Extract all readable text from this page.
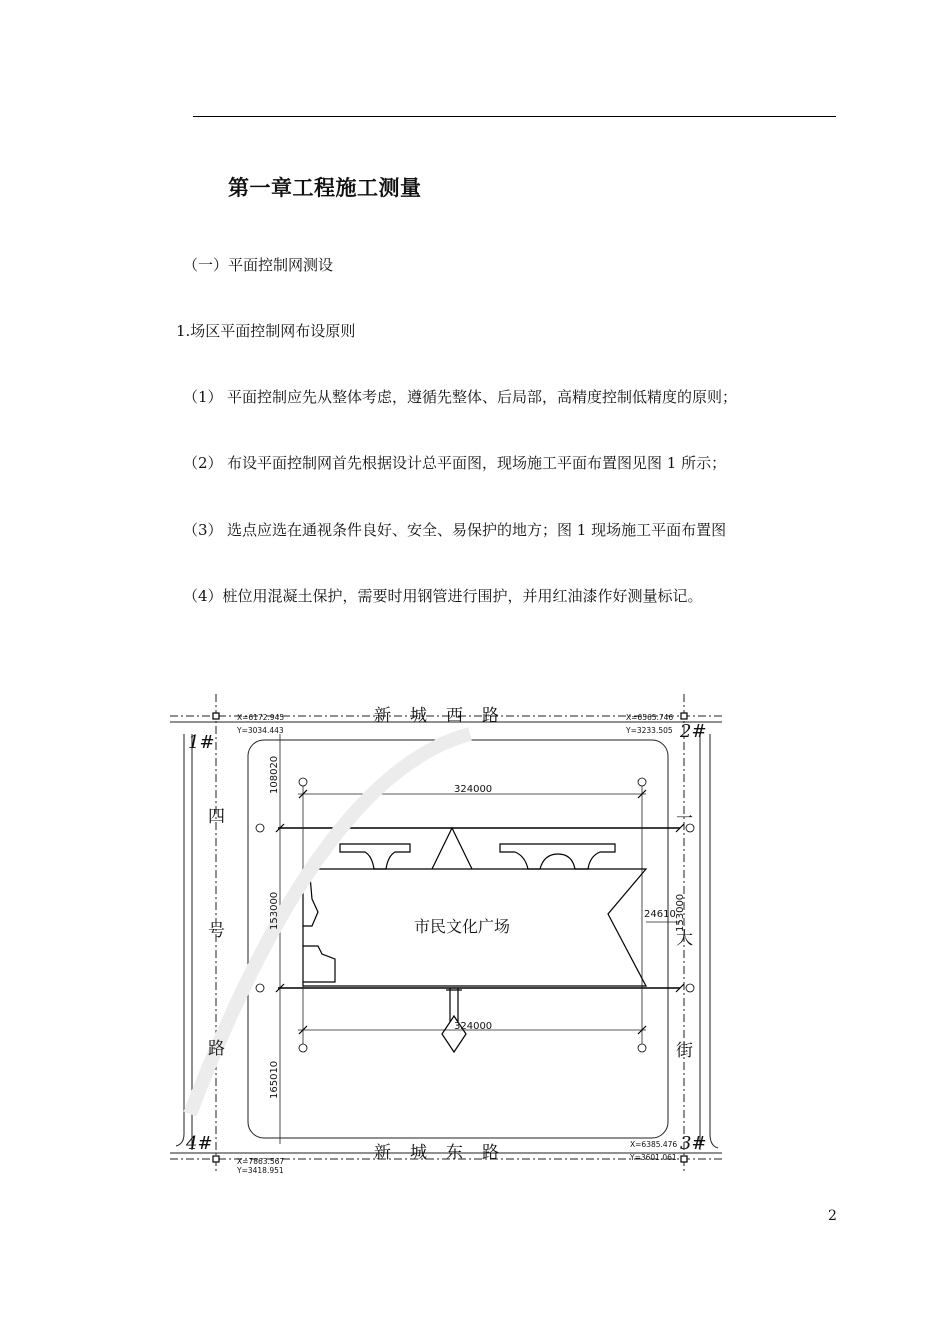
第一章工程施工测量
（一）平面控制网测设
1.场区平面控制网布设原则
（1） 平面控制应先从整体考虑，遵循先整体、后局部，高精度控制低精度的原则；
（2） 布设平面控制网首先根据设计总平面图，现场施工平面布置图见图 1 所示；
（3） 选点应选在通视条件良好、安全、易保护的地方；图 1 现场施工平面布置图
（4）桩位用混凝土保护，需要时用钢管进行围护，并用红油漆作好测量标记。
新 城 西 路
新 城 东 路
四
号
路
一
大
街
1#
2#
3#
4#
X=6172.945
Y=3034.443
X=6565.746
Y=3233.505
X=6385.476
Y=3601.061
X=7863.567
Y=3418.951
324000
324000
24610
108020
153000
165010
153000
市民文化广场
2
